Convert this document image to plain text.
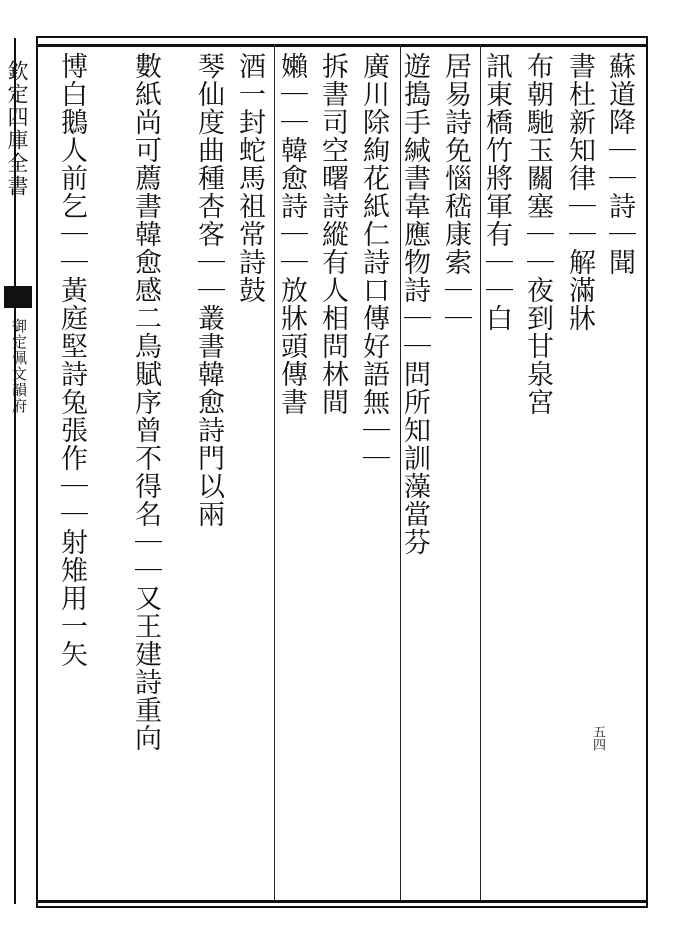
欽定四庫全書
御定佩文韻府
蘇道降｜｜詩｜聞
書杜新知律｜｜解滿牀
布朝馳玉關塞｜｜夜到甘泉宮
訊東橋竹將軍有｜｜白
居易詩免惱嵇康索｜｜
遊搗手緘書韋應物詩｜｜問所知訓藻當芬
廣川除絢花紙仁詩口傳好語無｜｜
拆書司空曙詩縱有人相問林間
嬾｜｜韓愈詩｜｜放牀頭傳書
酒一封蛇馬祖常詩鼓
琴仙度曲種杏客｜｜叢書韓愈詩門以兩
數紙尚可薦書韓愈感二鳥賦序曾不得名｜｜又王建詩重向
博白鵝人前乞｜｜黃庭堅詩兔張作｜｜射雉用一矢
五四
